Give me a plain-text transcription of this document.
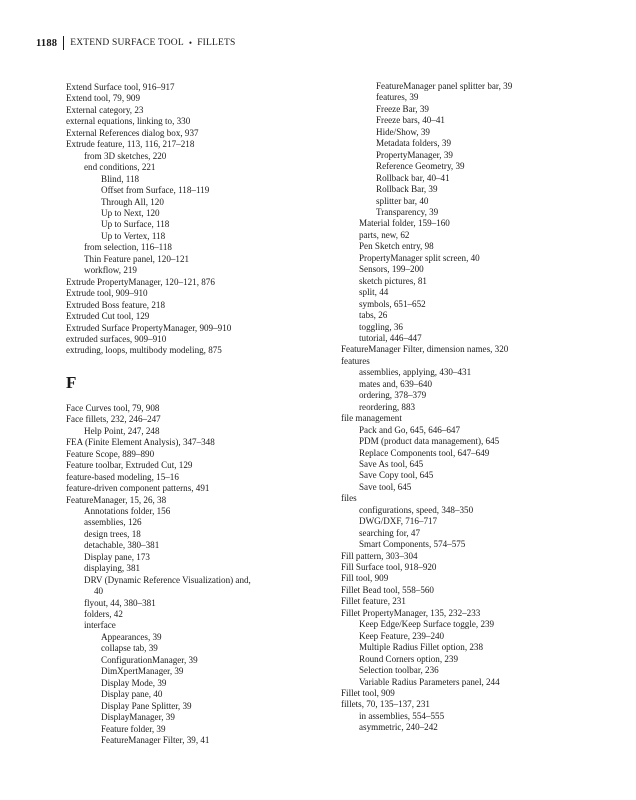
1188	EXTEND SURFACE TOOL • FILLETS
Extend Surface tool, 916–917
Extend tool, 79, 909
External category, 23
external equations, linking to, 330
External References dialog box, 937
Extrude feature, 113, 116, 217–218
from 3D sketches, 220
end conditions, 221
Blind, 118
Offset from Surface, 118–119
Through All, 120
Up to Next, 120
Up to Surface, 118
Up to Vertex, 118
from selection, 116–118
Thin Feature panel, 120–121
workflow, 219
Extrude PropertyManager, 120–121, 876
Extrude tool, 909–910
Extruded Boss feature, 218
Extruded Cut tool, 129
Extruded Surface PropertyManager, 909–910
extruded surfaces, 909–910
extruding, loops, multibody modeling, 875
F
Face Curves tool, 79, 908
Face fillets, 232, 246–247
Help Point, 247, 248
FEA (Finite Element Analysis), 347–348
Feature Scope, 889–890
Feature toolbar, Extruded Cut, 129
feature-based modeling, 15–16
feature-driven component patterns, 491
FeatureManager, 15, 26, 38
Annotations folder, 156
assemblies, 126
design trees, 18
detachable, 380–381
Display pane, 173
displaying, 381
DRV (Dynamic Reference Visualization) and,
40
flyout, 44, 380–381
folders, 42
interface
Appearances, 39
collapse tab, 39
ConfigurationManager, 39
DimXpertManager, 39
Display Mode, 39
Display pane, 40
Display Pane Splitter, 39
DisplayManager, 39
Feature folder, 39
FeatureManager Filter, 39, 41
FeatureManager panel splitter bar, 39
features, 39
Freeze Bar, 39
Freeze bars, 40–41
Hide/Show, 39
Metadata folders, 39
PropertyManager, 39
Reference Geometry, 39
Rollback bar, 40–41
Rollback Bar, 39
splitter bar, 40
Transparency, 39
Material folder, 159–160
parts, new, 62
Pen Sketch entry, 98
PropertyManager split screen, 40
Sensors, 199–200
sketch pictures, 81
split, 44
symbols, 651–652
tabs, 26
toggling, 36
tutorial, 446–447
FeatureManager Filter, dimension names, 320
features
assemblies, applying, 430–431
mates and, 639–640
ordering, 378–379
reordering, 883
file management
Pack and Go, 645, 646–647
PDM (product data management), 645
Replace Components tool, 647–649
Save As tool, 645
Save Copy tool, 645
Save tool, 645
files
configurations, speed, 348–350
DWG/DXF, 716–717
searching for, 47
Smart Components, 574–575
Fill pattern, 303–304
Fill Surface tool, 918–920
Fill tool, 909
Fillet Bead tool, 558–560
Fillet feature, 231
Fillet PropertyManager, 135, 232–233
Keep Edge/Keep Surface toggle, 239
Keep Feature, 239–240
Multiple Radius Fillet option, 238
Round Corners option, 239
Selection toolbar, 236
Variable Radius Parameters panel, 244
Fillet tool, 909
fillets, 70, 135–137, 231
in assemblies, 554–555
asymmetric, 240–242
